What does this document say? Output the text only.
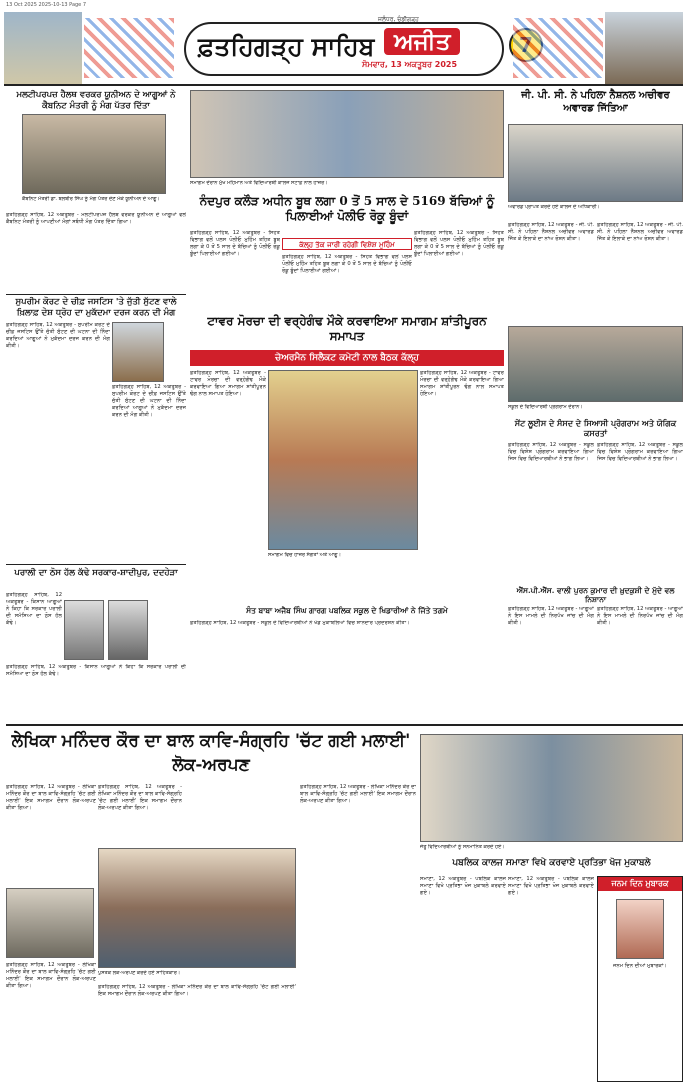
13 Oct 2025 2025-10-13 Page 7
ਫ਼ਤਹਿਗੜ੍ਹ ਸਾਹਿਬ
ਜਲੰਧਰ, ਚੰਡੀਗੜ੍ਹ
ਅਜੀਤ
ਸੋਮਵਾਰ, 13 ਅਕਤੂਬਰ 2025
ਮਲਟੀਪਰਪਜ਼ ਹੈਲਥ ਵਰਕਰ ਯੂਨੀਅਨ ਦੇ ਆਗੂਆਂ ਨੇ ਕੈਬਨਿਟ ਮੰਤਰੀ ਨੂੰ ਮੰਗ ਪੱਤਰ ਦਿੱਤਾ
ਕੈਬਨਿਟ ਮੰਤਰੀ ਡਾ. ਬਲਬੀਰ ਸਿੰਘ ਨੂੰ ਮੰਗ ਪੱਤਰ ਦੇਣ ਮੌਕੇ ਯੂਨੀਅਨ ਦੇ ਆਗੂ।
ਫ਼ਤਹਿਗੜ੍ਹ ਸਾਹਿਬ, 12 ਅਕਤੂਬਰ - ਮਲਟੀਪਰਪਜ਼ ਹੈਲਥ ਵਰਕਰ ਯੂਨੀਅਨ ਦੇ ਆਗੂਆਂ ਵਲੋਂ ਕੈਬਨਿਟ ਮੰਤਰੀ ਨੂੰ ਆਪਣੀਆਂ ਮੰਗਾਂ ਸਬੰਧੀ ਮੰਗ ਪੱਤਰ ਦਿੱਤਾ ਗਿਆ।
ਸੁਪਰੀਮ ਕੋਰਟ ਦੇ ਚੀਫ਼ ਜਸਟਿਸ 'ਤੇ ਜੁੱਤੀ ਸੁੱਟਣ ਵਾਲੇ ਖ਼ਿਲਾਫ਼ ਦੇਸ਼ ਧ੍ਰੋਹ ਦਾ ਮੁਕੱਦਮਾ ਦਰਜ ਕਰਨ ਦੀ ਮੰਗ
ਫ਼ਤਹਿਗੜ੍ਹ ਸਾਹਿਬ, 12 ਅਕਤੂਬਰ - ਸੁਪਰੀਮ ਕੋਰਟ ਦੇ ਚੀਫ਼ ਜਸਟਿਸ ਉੱਤੇ ਜੁੱਤੀ ਸੁੱਟਣ ਦੀ ਘਟਨਾ ਦੀ ਨਿੰਦਾ ਕਰਦਿਆਂ ਆਗੂਆਂ ਨੇ ਮੁਕੱਦਮਾ ਦਰਜ ਕਰਨ ਦੀ ਮੰਗ ਕੀਤੀ।
ਫ਼ਤਹਿਗੜ੍ਹ ਸਾਹਿਬ, 12 ਅਕਤੂਬਰ - ਸੁਪਰੀਮ ਕੋਰਟ ਦੇ ਚੀਫ਼ ਜਸਟਿਸ ਉੱਤੇ ਜੁੱਤੀ ਸੁੱਟਣ ਦੀ ਘਟਨਾ ਦੀ ਨਿੰਦਾ ਕਰਦਿਆਂ ਆਗੂਆਂ ਨੇ ਮੁਕੱਦਮਾ ਦਰਜ ਕਰਨ ਦੀ ਮੰਗ ਕੀਤੀ।
ਪਰਾਲੀ ਦਾ ਠੋਸ ਹੱਲ ਕੱਢੇ ਸਰਕਾਰ-ਸ਼ਾਦੀਪੁਰ, ਦਦਹੇੜਾ
ਫ਼ਤਹਿਗੜ੍ਹ ਸਾਹਿਬ, 12 ਅਕਤੂਬਰ - ਕਿਸਾਨ ਆਗੂਆਂ ਨੇ ਕਿਹਾ ਕਿ ਸਰਕਾਰ ਪਰਾਲੀ ਦੀ ਸਮੱਸਿਆ ਦਾ ਠੋਸ ਹੱਲ ਕੱਢੇ।
ਫ਼ਤਹਿਗੜ੍ਹ ਸਾਹਿਬ, 12 ਅਕਤੂਬਰ - ਕਿਸਾਨ ਆਗੂਆਂ ਨੇ ਕਿਹਾ ਕਿ ਸਰਕਾਰ ਪਰਾਲੀ ਦੀ ਸਮੱਸਿਆ ਦਾ ਠੋਸ ਹੱਲ ਕੱਢੇ।
ਸਮਾਗਮ ਦੌਰਾਨ ਮੁੱਖ ਮਹਿਮਾਨ ਅਤੇ ਵਿਦਿਆਰਥੀ ਕਾਲਜ ਸਟਾਫ਼ ਨਾਲ ਹਾਜ਼ਰ।
ਨੰਦਪੁਰ ਕਲੌੜ ਅਧੀਨ ਬੂਥ ਲਗਾ 0 ਤੋਂ 5 ਸਾਲ ਦੇ 5169 ਬੱਚਿਆਂ ਨੂੰ ਪਿਲਾਈਆਂ ਪੋਲੀਓ ਰੋਕੂ ਬੂੰਦਾਂ
ਫ਼ਤਹਿਗੜ੍ਹ ਸਾਹਿਬ, 12 ਅਕਤੂਬਰ - ਸਿਹਤ ਵਿਭਾਗ ਵਲੋਂ ਪਲਸ ਪੋਲੀਓ ਮੁਹਿੰਮ ਤਹਿਤ ਬੂਥ ਲਗਾ ਕੇ 0 ਤੋਂ 5 ਸਾਲ ਦੇ ਬੱਚਿਆਂ ਨੂੰ ਪੋਲੀਓ ਰੋਕੂ ਬੂੰਦਾਂ ਪਿਲਾਈਆਂ ਗਈਆਂ।
ਕੱਲ੍ਹ ਤੱਕ ਜਾਰੀ ਰਹੇਗੀ ਵਿਸ਼ੇਸ਼ ਮੁਹਿੰਮ
ਫ਼ਤਹਿਗੜ੍ਹ ਸਾਹਿਬ, 12 ਅਕਤੂਬਰ - ਸਿਹਤ ਵਿਭਾਗ ਵਲੋਂ ਪਲਸ ਪੋਲੀਓ ਮੁਹਿੰਮ ਤਹਿਤ ਬੂਥ ਲਗਾ ਕੇ 0 ਤੋਂ 5 ਸਾਲ ਦੇ ਬੱਚਿਆਂ ਨੂੰ ਪੋਲੀਓ ਰੋਕੂ ਬੂੰਦਾਂ ਪਿਲਾਈਆਂ ਗਈਆਂ।
ਫ਼ਤਹਿਗੜ੍ਹ ਸਾਹਿਬ, 12 ਅਕਤੂਬਰ - ਸਿਹਤ ਵਿਭਾਗ ਵਲੋਂ ਪਲਸ ਪੋਲੀਓ ਮੁਹਿੰਮ ਤਹਿਤ ਬੂਥ ਲਗਾ ਕੇ 0 ਤੋਂ 5 ਸਾਲ ਦੇ ਬੱਚਿਆਂ ਨੂੰ ਪੋਲੀਓ ਰੋਕੂ ਬੂੰਦਾਂ ਪਿਲਾਈਆਂ ਗਈਆਂ।
ਜੀ. ਪੀ. ਸੀ. ਨੇ ਪਹਿਲਾ ਨੈਸ਼ਨਲ ਅਚੀਵਰ ਅਵਾਰਡ ਜਿੱਤਿਆ
ਅਵਾਰਡ ਪ੍ਰਾਪਤ ਕਰਦੇ ਹੋਏ ਕਾਲਜ ਦੇ ਅਧਿਕਾਰੀ।
ਫ਼ਤਹਿਗੜ੍ਹ ਸਾਹਿਬ, 12 ਅਕਤੂਬਰ - ਜੀ. ਪੀ. ਸੀ. ਨੇ ਪਹਿਲਾ ਨੈਸ਼ਨਲ ਅਚੀਵਰ ਅਵਾਰਡ ਜਿੱਤ ਕੇ ਇਲਾਕੇ ਦਾ ਨਾਂਅ ਰੋਸ਼ਨ ਕੀਤਾ।
ਫ਼ਤਹਿਗੜ੍ਹ ਸਾਹਿਬ, 12 ਅਕਤੂਬਰ - ਜੀ. ਪੀ. ਸੀ. ਨੇ ਪਹਿਲਾ ਨੈਸ਼ਨਲ ਅਚੀਵਰ ਅਵਾਰਡ ਜਿੱਤ ਕੇ ਇਲਾਕੇ ਦਾ ਨਾਂਅ ਰੋਸ਼ਨ ਕੀਤਾ।
ਟਾਵਰ ਮੋਰਚਾ ਦੀ ਵਰ੍ਹੇਗੰਢ ਮੌਕੇ ਕਰਵਾਇਆ ਸਮਾਗਮ ਸ਼ਾਂਤੀਪੂਰਨ ਸਮਾਪਤ
ਚੇਅਰਮੈਨ ਸਿਲੈਕਟ ਕਮੇਟੀ ਨਾਲ ਬੈਠਕ ਕੱਲ੍ਹ
ਫ਼ਤਹਿਗੜ੍ਹ ਸਾਹਿਬ, 12 ਅਕਤੂਬਰ - ਟਾਵਰ ਮੋਰਚਾ ਦੀ ਵਰ੍ਹੇਗੰਢ ਮੌਕੇ ਕਰਵਾਇਆ ਗਿਆ ਸਮਾਗਮ ਸ਼ਾਂਤੀਪੂਰਨ ਢੰਗ ਨਾਲ ਸਮਾਪਤ ਹੋਇਆ।
ਸਮਾਗਮ ਵਿਚ ਹਾਜ਼ਰ ਸੰਗਤਾਂ ਅਤੇ ਆਗੂ।
ਫ਼ਤਹਿਗੜ੍ਹ ਸਾਹਿਬ, 12 ਅਕਤੂਬਰ - ਟਾਵਰ ਮੋਰਚਾ ਦੀ ਵਰ੍ਹੇਗੰਢ ਮੌਕੇ ਕਰਵਾਇਆ ਗਿਆ ਸਮਾਗਮ ਸ਼ਾਂਤੀਪੂਰਨ ਢੰਗ ਨਾਲ ਸਮਾਪਤ ਹੋਇਆ।
ਸੰਤ ਬਾਬਾ ਅਜੈਬ ਸਿੰਘ ਗਾਰਗ ਪਬਲਿਕ ਸਕੂਲ ਦੇ ਖਿਡਾਰੀਆਂ ਨੇ ਜਿੱਤੇ ਤਗਮੇ
ਫ਼ਤਹਿਗੜ੍ਹ ਸਾਹਿਬ, 12 ਅਕਤੂਬਰ - ਸਕੂਲ ਦੇ ਵਿਦਿਆਰਥੀਆਂ ਨੇ ਖੇਡ ਮੁਕਾਬਲਿਆਂ ਵਿਚ ਸ਼ਾਨਦਾਰ ਪ੍ਰਦਰਸ਼ਨ ਕੀਤਾ।
ਸਕੂਲ ਦੇ ਵਿਦਿਆਰਥੀ ਪ੍ਰੋਗਰਾਮ ਦੌਰਾਨ।
ਸੇਂਟ ਲੂਈਸ ਦੇ ਸੰਸਦ ਦੇ ਸਿਆਸੀ ਪ੍ਰੋਗਰਾਮ ਅਤੇ ਯੋਗਿਕ ਕਸਰਤਾਂ
ਫ਼ਤਹਿਗੜ੍ਹ ਸਾਹਿਬ, 12 ਅਕਤੂਬਰ - ਸਕੂਲ ਵਿਚ ਵਿਸ਼ੇਸ਼ ਪ੍ਰੋਗਰਾਮ ਕਰਵਾਇਆ ਗਿਆ ਜਿਸ ਵਿਚ ਵਿਦਿਆਰਥੀਆਂ ਨੇ ਭਾਗ ਲਿਆ।
ਫ਼ਤਹਿਗੜ੍ਹ ਸਾਹਿਬ, 12 ਅਕਤੂਬਰ - ਸਕੂਲ ਵਿਚ ਵਿਸ਼ੇਸ਼ ਪ੍ਰੋਗਰਾਮ ਕਰਵਾਇਆ ਗਿਆ ਜਿਸ ਵਿਚ ਵਿਦਿਆਰਥੀਆਂ ਨੇ ਭਾਗ ਲਿਆ।
ਐੱਸ.ਪੀ.ਐੱਸ. ਵਾਲੀ ਪੁਰਨ ਕੁਮਾਰ ਦੀ ਖ਼ੁਦਕੁਸ਼ੀ ਦੇ ਮੁੱਦੇ ਵਲ ਨਿਸ਼ਾਨਾ
ਫ਼ਤਹਿਗੜ੍ਹ ਸਾਹਿਬ, 12 ਅਕਤੂਬਰ - ਆਗੂਆਂ ਨੇ ਇਸ ਮਾਮਲੇ ਦੀ ਨਿਰਪੱਖ ਜਾਂਚ ਦੀ ਮੰਗ ਕੀਤੀ।
ਫ਼ਤਹਿਗੜ੍ਹ ਸਾਹਿਬ, 12 ਅਕਤੂਬਰ - ਆਗੂਆਂ ਨੇ ਇਸ ਮਾਮਲੇ ਦੀ ਨਿਰਪੱਖ ਜਾਂਚ ਦੀ ਮੰਗ ਕੀਤੀ।
ਲੇਖਿਕਾ ਮਨਿੰਦਰ ਕੌਰ ਦਾ ਬਾਲ ਕਾਵਿ-ਸੰਗ੍ਰਹਿ 'ਚੱਟ ਗਈ ਮਲਾਈ' ਲੋਕ-ਅਰਪਣ
ਫ਼ਤਹਿਗੜ੍ਹ ਸਾਹਿਬ, 12 ਅਕਤੂਬਰ - ਲੇਖਿਕਾ ਮਨਿੰਦਰ ਕੌਰ ਦਾ ਬਾਲ ਕਾਵਿ-ਸੰਗ੍ਰਹਿ 'ਚੱਟ ਗਈ ਮਲਾਈ' ਇਕ ਸਮਾਗਮ ਦੌਰਾਨ ਲੋਕ-ਅਰਪਣ ਕੀਤਾ ਗਿਆ।
ਫ਼ਤਹਿਗੜ੍ਹ ਸਾਹਿਬ, 12 ਅਕਤੂਬਰ - ਲੇਖਿਕਾ ਮਨਿੰਦਰ ਕੌਰ ਦਾ ਬਾਲ ਕਾਵਿ-ਸੰਗ੍ਰਹਿ 'ਚੱਟ ਗਈ ਮਲਾਈ' ਇਕ ਸਮਾਗਮ ਦੌਰਾਨ ਲੋਕ-ਅਰਪਣ ਕੀਤਾ ਗਿਆ।
ਫ਼ਤਹਿਗੜ੍ਹ ਸਾਹਿਬ, 12 ਅਕਤੂਬਰ - ਲੇਖਿਕਾ ਮਨਿੰਦਰ ਕੌਰ ਦਾ ਬਾਲ ਕਾਵਿ-ਸੰਗ੍ਰਹਿ 'ਚੱਟ ਗਈ ਮਲਾਈ' ਇਕ ਸਮਾਗਮ ਦੌਰਾਨ ਲੋਕ-ਅਰਪਣ ਕੀਤਾ ਗਿਆ।
ਪੁਸਤਕ ਲੋਕ-ਅਰਪਣ ਕਰਦੇ ਹੋਏ ਸਾਹਿਤਕਾਰ।
ਫ਼ਤਹਿਗੜ੍ਹ ਸਾਹਿਬ, 12 ਅਕਤੂਬਰ - ਲੇਖਿਕਾ ਮਨਿੰਦਰ ਕੌਰ ਦਾ ਬਾਲ ਕਾਵਿ-ਸੰਗ੍ਰਹਿ 'ਚੱਟ ਗਈ ਮਲਾਈ' ਇਕ ਸਮਾਗਮ ਦੌਰਾਨ ਲੋਕ-ਅਰਪਣ ਕੀਤਾ ਗਿਆ।
ਫ਼ਤਹਿਗੜ੍ਹ ਸਾਹਿਬ, 12 ਅਕਤੂਬਰ - ਲੇਖਿਕਾ ਮਨਿੰਦਰ ਕੌਰ ਦਾ ਬਾਲ ਕਾਵਿ-ਸੰਗ੍ਰਹਿ 'ਚੱਟ ਗਈ ਮਲਾਈ' ਇਕ ਸਮਾਗਮ ਦੌਰਾਨ ਲੋਕ-ਅਰਪਣ ਕੀਤਾ ਗਿਆ।
ਜੇਤੂ ਵਿਦਿਆਰਥੀਆਂ ਨੂੰ ਸਨਮਾਨਿਤ ਕਰਦੇ ਹੋਏ।
ਪਬਲਿਕ ਕਾਲਜ ਸਮਾਣਾ ਵਿਖੇ ਕਰਵਾਏ ਪ੍ਰਤਿਭਾ ਖੋਜ ਮੁਕਾਬਲੇ
ਸਮਾਣਾ, 12 ਅਕਤੂਬਰ - ਪਬਲਿਕ ਕਾਲਜ ਸਮਾਣਾ ਵਿਖੇ ਪ੍ਰਤਿਭਾ ਖੋਜ ਮੁਕਾਬਲੇ ਕਰਵਾਏ ਗਏ।
ਸਮਾਣਾ, 12 ਅਕਤੂਬਰ - ਪਬਲਿਕ ਕਾਲਜ ਸਮਾਣਾ ਵਿਖੇ ਪ੍ਰਤਿਭਾ ਖੋਜ ਮੁਕਾਬਲੇ ਕਰਵਾਏ ਗਏ।
ਜਨਮ ਦਿਨ ਮੁਬਾਰਕ
ਜਨਮ ਦਿਨ ਦੀਆਂ ਮੁਬਾਰਕਾਂ।
